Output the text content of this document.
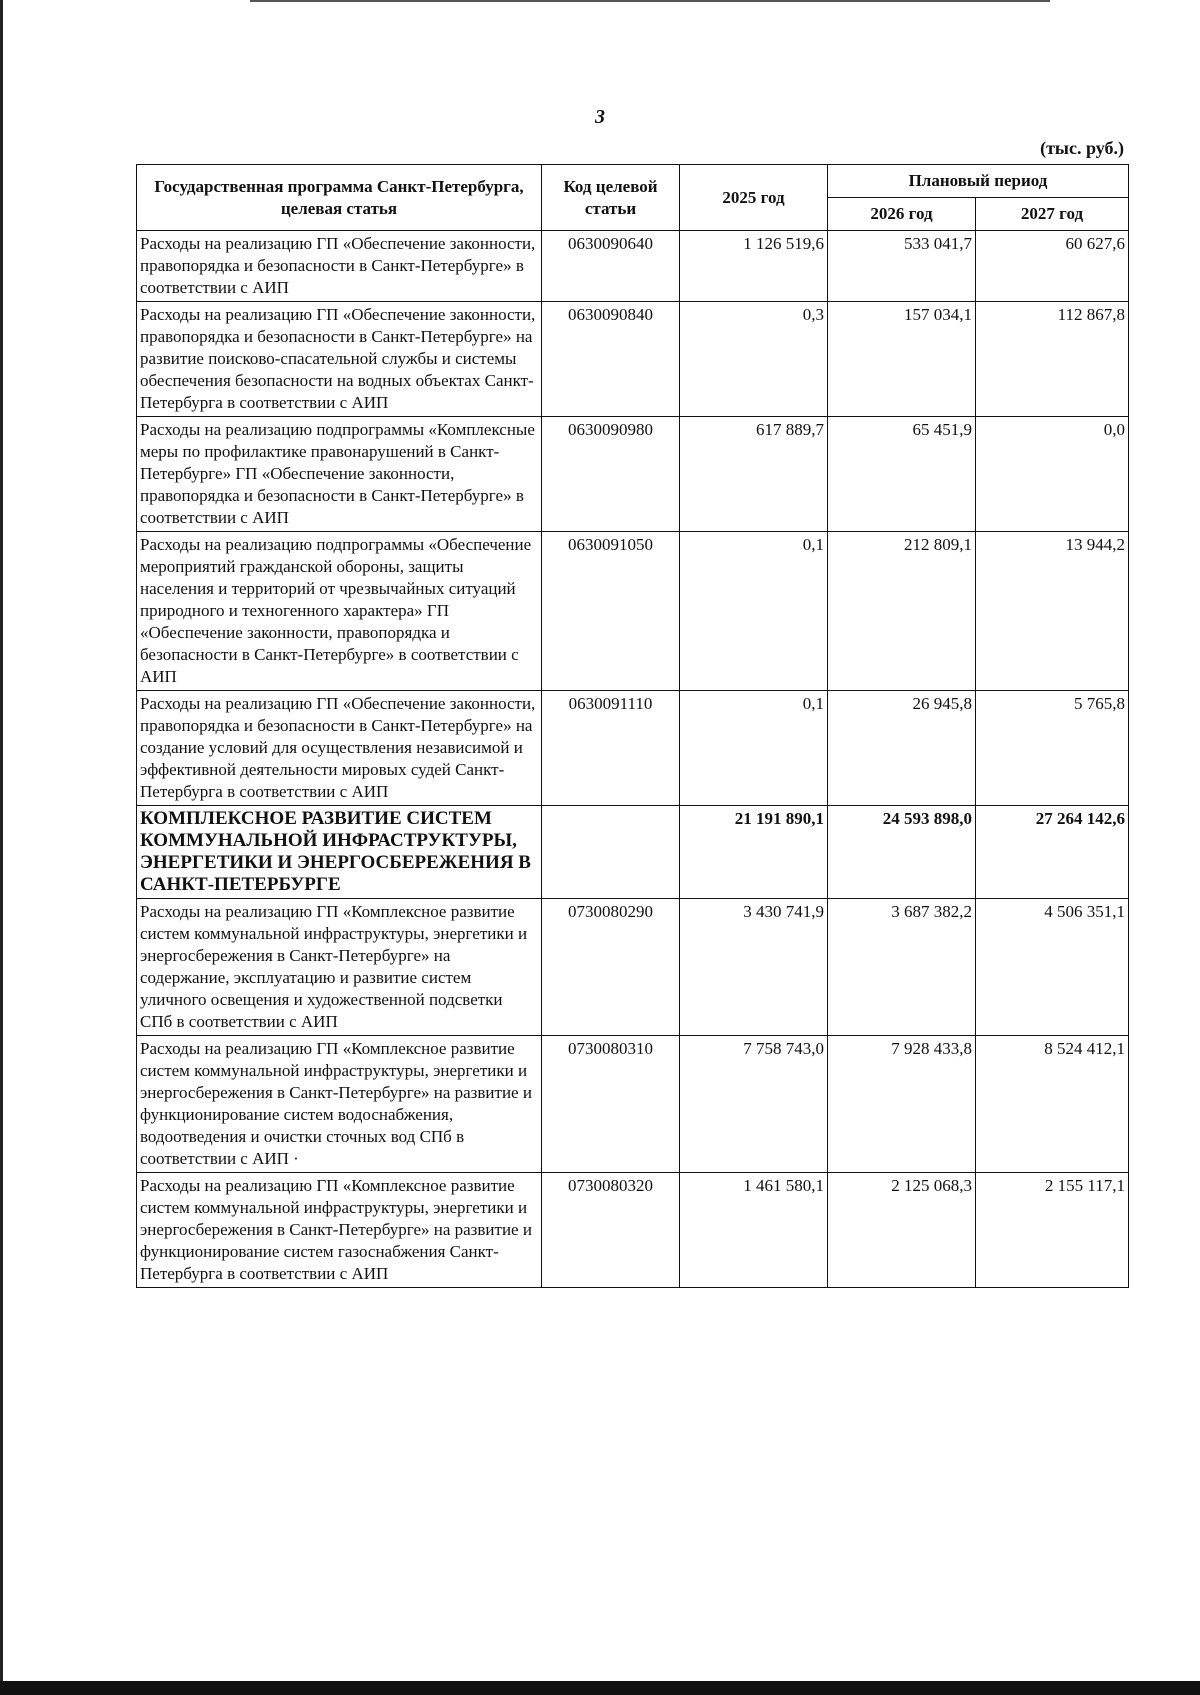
3
(тыс. руб.)
Государственная программа Санкт-Петербурга, целевая статья	Код целевой статьи	2025 год	Плановый период	
			2026 год	2027 год
Расходы на реализацию ГП «Обеспечение законности, правопорядка и безопасности в Санкт-Петербурге» в соответствии с АИП	0630090640	1 126 519,6	533 041,7	60 627,6
Расходы на реализацию ГП «Обеспечение законности, правопорядка и безопасности в Санкт-Петербурге» на развитие поисково-спасательной службы и системы обеспечения безопасности на водных объектах Санкт-Петербурга в соответствии с АИП	0630090840	0,3	157 034,1	112 867,8
Расходы на реализацию подпрограммы «Комплексные меры по профилактике правонарушений в Санкт-Петербурге» ГП «Обеспечение законности, правопорядка и безопасности в Санкт-Петербурге» в соответствии с АИП	0630090980	617 889,7	65 451,9	0,0
Расходы на реализацию подпрограммы «Обеспечение мероприятий гражданской обороны, защиты населения и территорий от чрезвычайных ситуаций природного и техногенного характера» ГП «Обеспечение законности, правопорядка и безопасности в Санкт-Петербурге» в соответствии с АИП	0630091050	0,1	212 809,1	13 944,2
Расходы на реализацию ГП «Обеспечение законности, правопорядка и безопасности в Санкт-Петербурге» на создание условий для осуществления независимой и эффективной деятельности мировых судей Санкт-Петербурга в соответствии с АИП	0630091110	0,1	26 945,8	5 765,8
КОМПЛЕКСНОЕ РАЗВИТИЕ СИСТЕМ КОММУНАЛЬНОЙ ИНФРАСТРУКТУРЫ, ЭНЕРГЕТИКИ И ЭНЕРГОСБЕРЕЖЕНИЯ В САНКТ-ПЕТЕРБУРГЕ		21 191 890,1	24 593 898,0	27 264 142,6
Расходы на реализацию ГП «Комплексное развитие систем коммунальной инфраструктуры, энергетики и энергосбережения в Санкт-Петербурге» на содержание, эксплуатацию и развитие систем уличного освещения и художественной подсветки СПб в соответствии с АИП	0730080290	3 430 741,9	3 687 382,2	4 506 351,1
Расходы на реализацию ГП «Комплексное развитие систем коммунальной инфраструктуры, энергетики и энергосбережения в Санкт-Петербурге» на развитие и функционирование систем водоснабжения, водоотведения и очистки сточных вод СПб в соответствии с АИП ·	0730080310	7 758 743,0	7 928 433,8	8 524 412,1
Расходы на реализацию ГП «Комплексное развитие систем коммунальной инфраструктуры, энергетики и энергосбережения в Санкт-Петербурге» на развитие и функционирование систем газоснабжения Санкт-Петербурга в соответствии с АИП	0730080320	1 461 580,1	2 125 068,3	2 155 117,1
